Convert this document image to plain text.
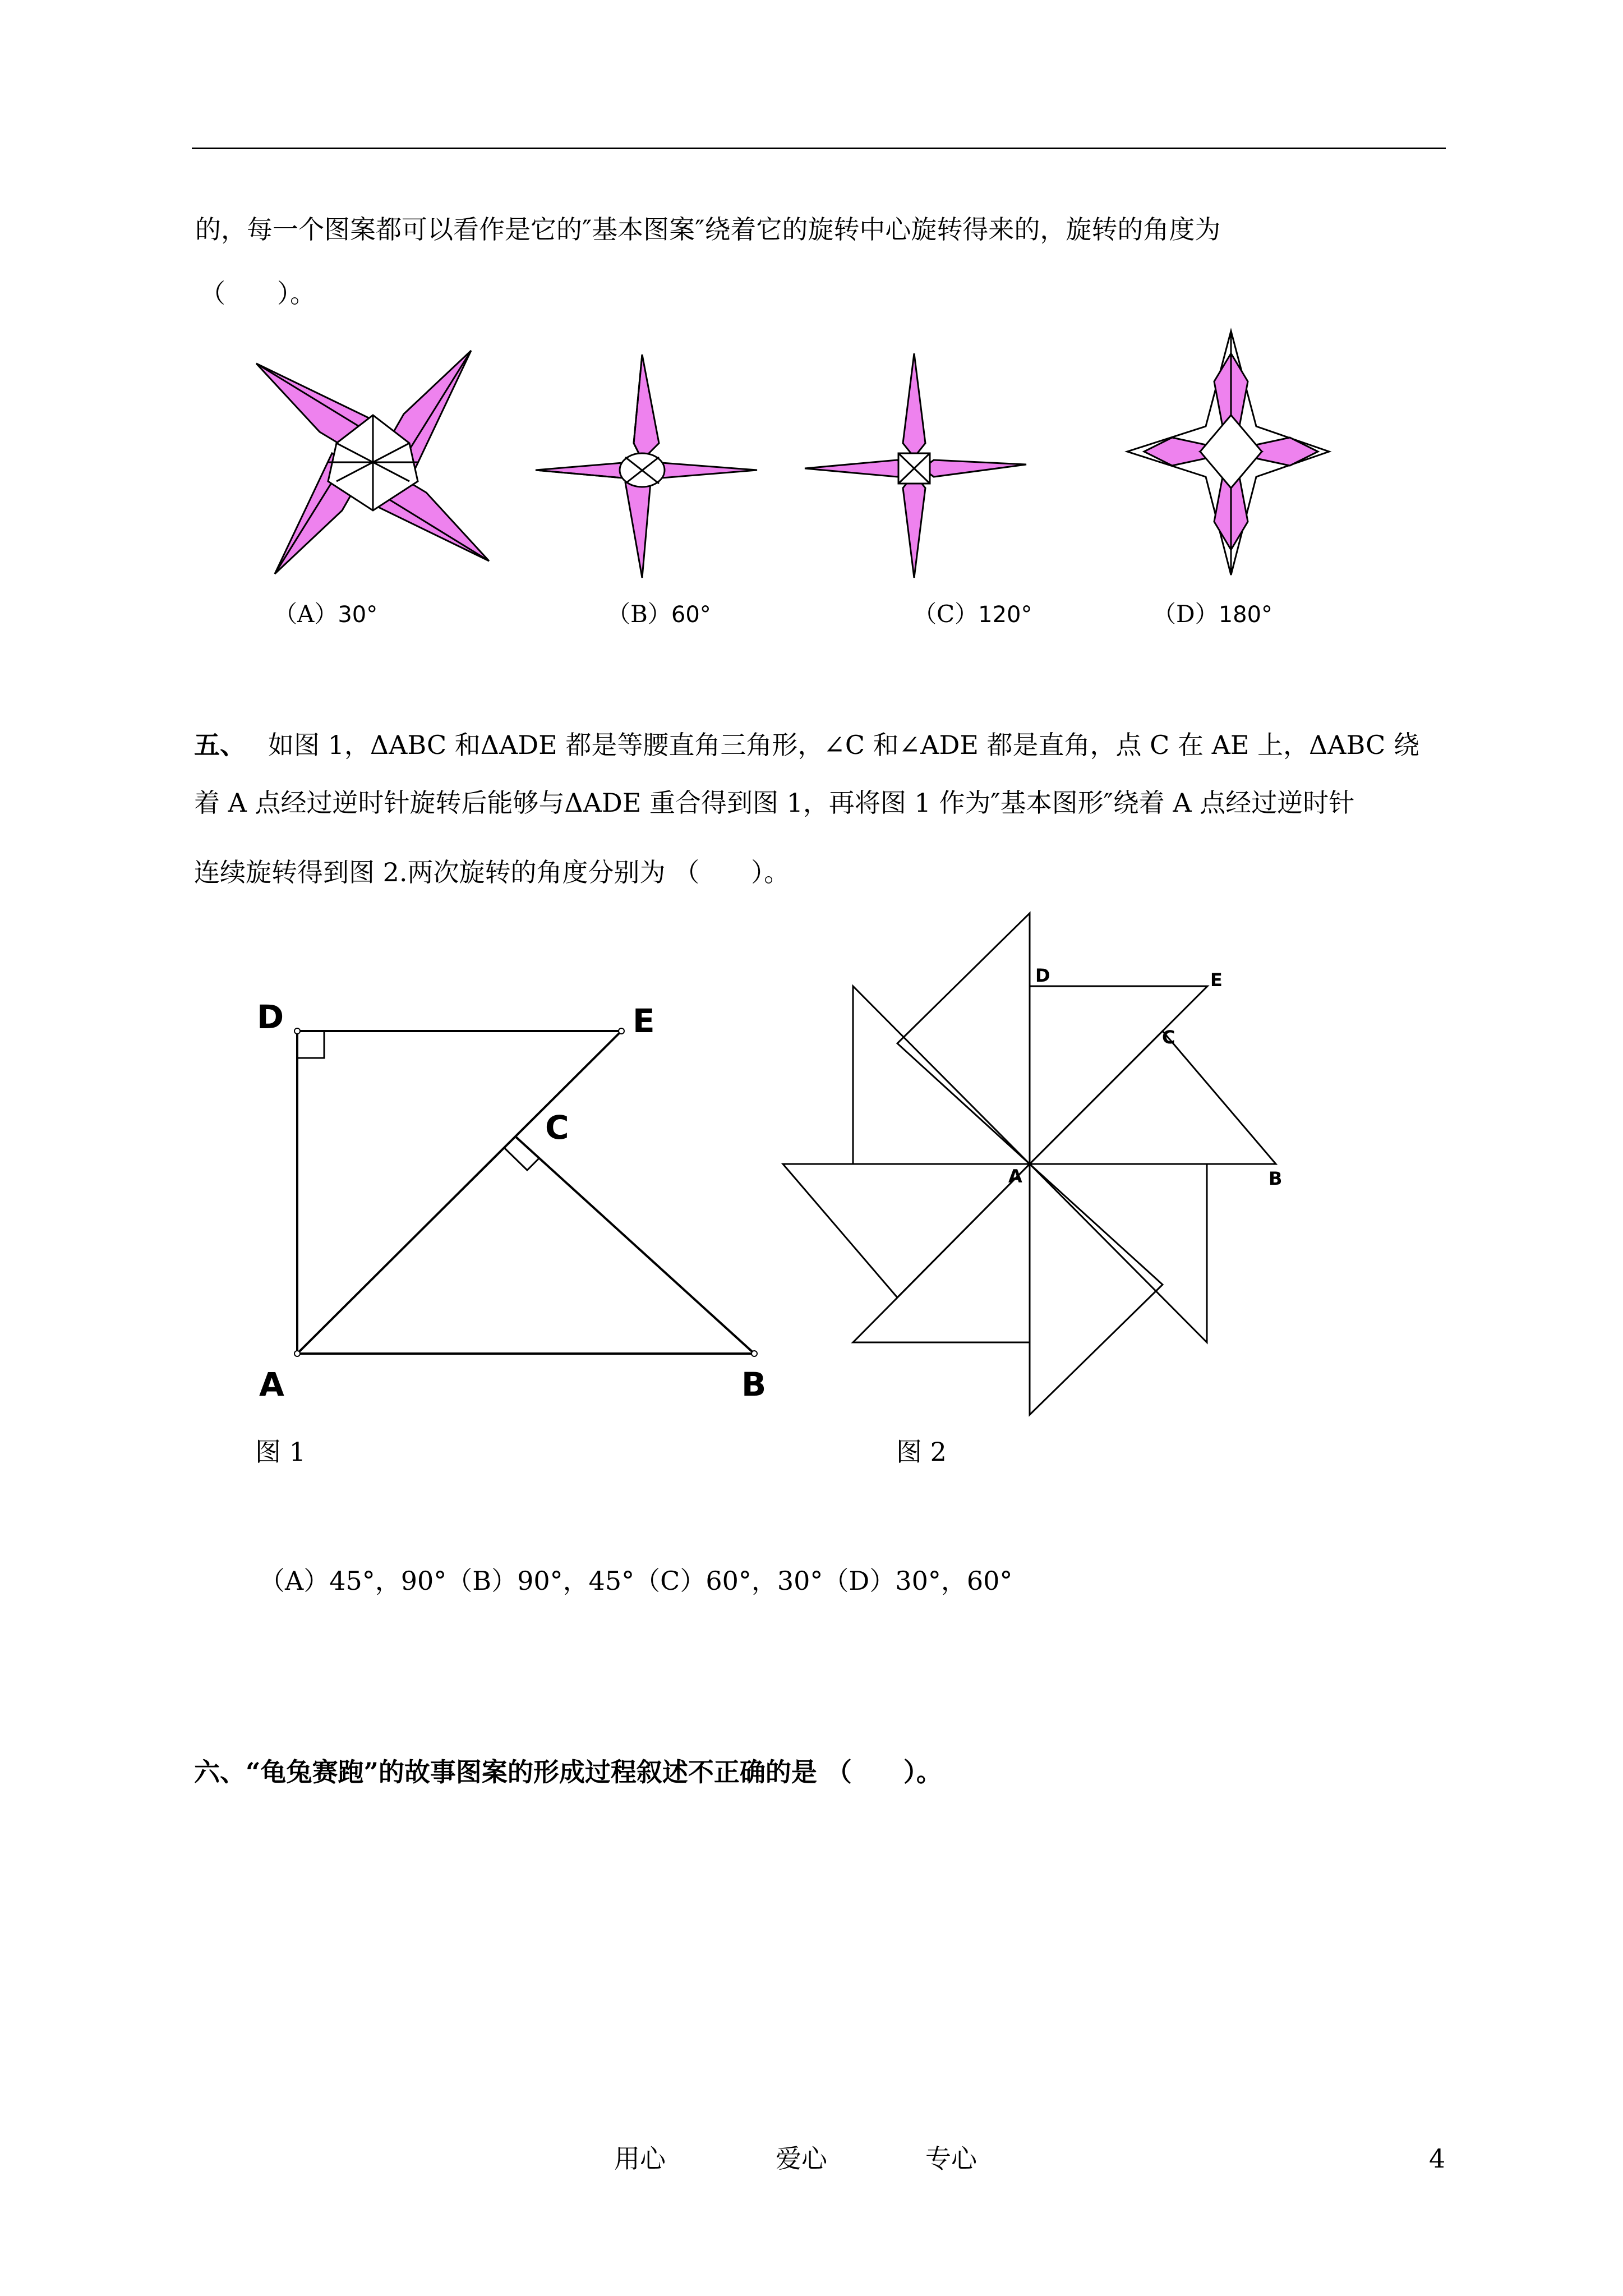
的，每一个图案都可以看作是它的″基本图案″绕着它的旋转中心旋转得来的，旋转的角度为
（　　）。
（A）30°	（B）60°	（C）120°	（D）180°
五、 如图 1，ΔABC 和ΔADE 都是等腰直角三角形，∠C 和∠ADE 都是直角，点 C 在 AE 上，ΔABC 绕
着 A 点经过逆时针旋转后能够与ΔADE 重合得到图 1，再将图 1 作为″基本图形″绕着 A 点经过逆时针
连续旋转得到图 2.两次旋转的角度分别为 （　　）。
D	E
C
A	B
D	E
C
A	B
图 1	图 2
（A）45°，90°（B）90°，45°（C）60°，30°（D）30°，60°
六、“龟兔赛跑”的故事图案的形成过程叙述不正确的是 （　　）。
用心	爱心	专心	4
